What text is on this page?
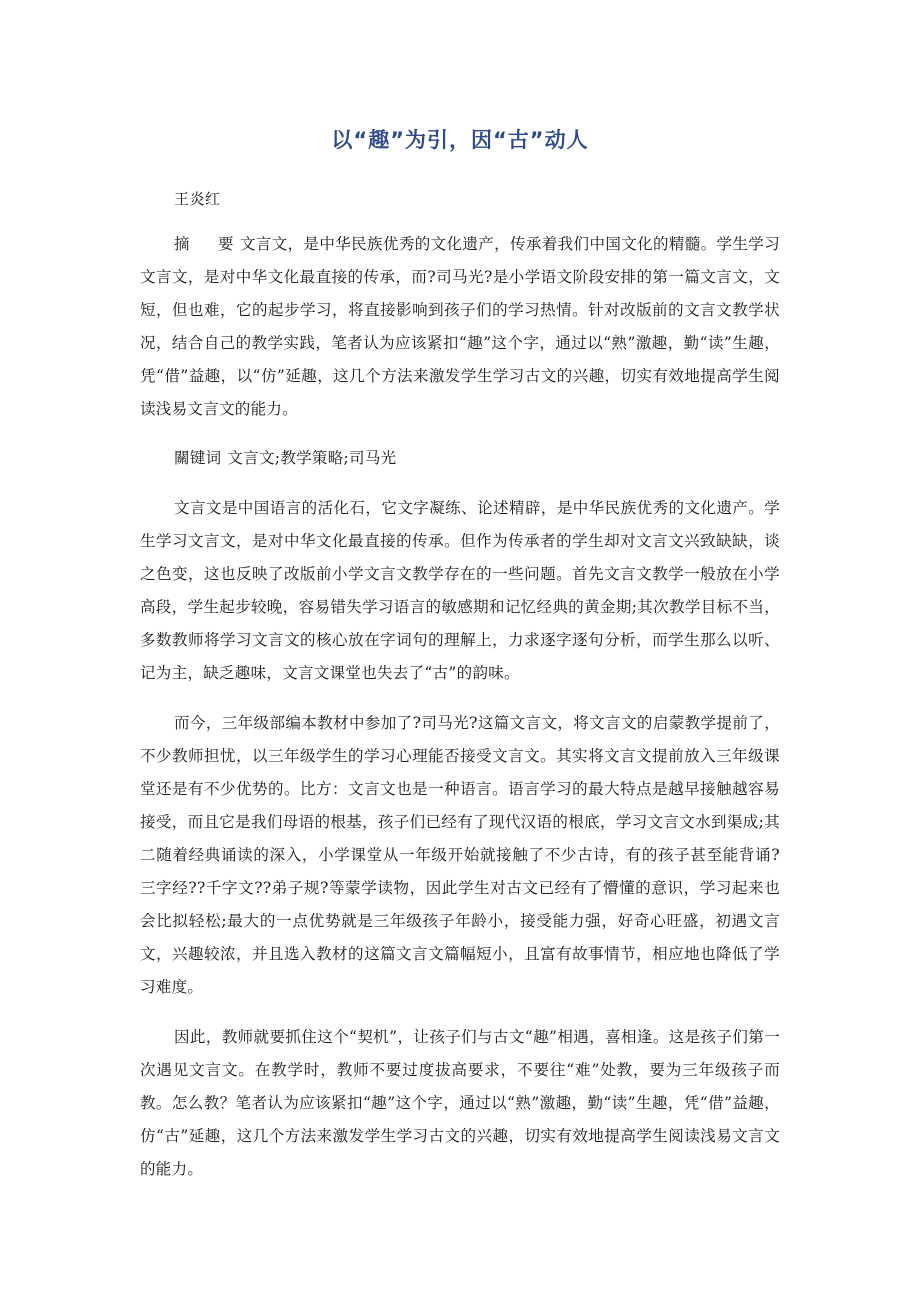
以“趣”为引，因“古”动人
王炎红

摘 要 文言文，是中华民族优秀的文化遗产，传承着我们中国文化的精髓。学生学习文言文，是对中华文化最直接的传承，而?司马光?是小学语文阶段安排的第一篇文言文，文短，但也难，它的起步学习，将直接影响到孩子们的学习热情。针对改版前的文言文教学状况，结合自己的教学实践，笔者认为应该紧扣“趣”这个字，通过以“熟”激趣，勤“读”生趣，凭“借”益趣，以“仿”延趣，这几个方法来激发学生学习古文的兴趣，切实有效地提高学生阅读浅易文言文的能力。

關键词 文言文;教学策略;司马光

文言文是中国语言的活化石，它文字凝练、论述精辟，是中华民族优秀的文化遗产。学生学习文言文，是对中华文化最直接的传承。但作为传承者的学生却对文言文兴致缺缺，谈之色变，这也反映了改版前小学文言文教学存在的一些问题。首先文言文教学一般放在小学高段，学生起步较晚，容易错失学习语言的敏感期和记忆经典的黄金期;其次教学目标不当，多数教师将学习文言文的核心放在字词句的理解上，力求逐字逐句分析，而学生那么以听、记为主，缺乏趣味，文言文课堂也失去了“古”的韵味。

而今，三年级部编本教材中参加了?司马光?这篇文言文，将文言文的启蒙教学提前了，不少教师担忧，以三年级学生的学习心理能否接受文言文。其实将文言文提前放入三年级课堂还是有不少优势的。比方：文言文也是一种语言。语言学习的最大特点是越早接触越容易接受，而且它是我们母语的根基，孩子们已经有了现代汉语的根底，学习文言文水到渠成;其二随着经典诵读的深入，小学课堂从一年级开始就接触了不少古诗，有的孩子甚至能背诵?三字经??千字文??弟子规?等蒙学读物，因此学生对古文已经有了懵懂的意识，学习起来也会比拟轻松;最大的一点优势就是三年级孩子年龄小，接受能力强，好奇心旺盛，初遇文言文，兴趣较浓，并且选入教材的这篇文言文篇幅短小，且富有故事情节，相应地也降低了学习难度。

因此，教师就要抓住这个“契机”，让孩子们与古文“趣”相遇，喜相逢。这是孩子们第一次遇见文言文。在教学时，教师不要过度拔高要求，不要往“难”处教，要为三年级孩子而教。怎么教？笔者认为应该紧扣“趣”这个字，通过以“熟”激趣，勤“读”生趣，凭“借”益趣，仿“古”延趣，这几个方法来激发学生学习古文的兴趣，切实有效地提高学生阅读浅易文言文的能力。
